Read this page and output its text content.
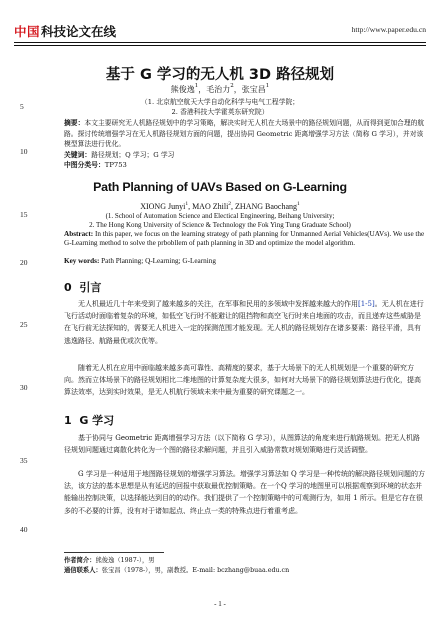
中国 科技论文在线	http://www.paper.edu.cn
基于 G 学习的无人机 3D 路径规划
熊俊逸$^1$，毛治力$^2$，张宝昌$^1$
（1. 北京航空航天大学自动化科学与电气工程学院；
2. 香港科技大学霍英东研究院）
摘要：本文主要研究无人机路径规划中的学习策略，解决实时无人机在大场景中的路径规划问题，从而得到更加合理的航路。探讨传统增强学习在无人机路径规划方面的问题，提出协同 Geometric 距离增强学习方法（简称 G 学习），并对该模型算法进行优化。
关键词：路径规划；Q 学习；G 学习
中图分类号：TP753
Path Planning of UAVs Based on G-Learning
XIONG Junyi$^1$, MAO Zhili$^2$, ZHANG Baochang$^1$
(1. School of Automation Science and Electical Engineering, Beihang University;
2. The Hong Kong University of Science & Technology the Fok Ying Tung Graduate School)
Abstract: In this paper, we focus on the learning strategy of path planning for Unmanned Aerial Vehicles(UAVs). We use the G-Learning method to solve the prbobllem of path planning in 3D and optimize the model algorithm.
Key words: Path Planning; Q-Learning; G-Learning
5
10
15
20
25
30
35
40
0 引言
无人机最近几十年来受到了越来越多的关注，在军事和民用的多领域中发挥越来越大的作用[1-5]。无人机在进行飞行活动时面临着复杂的环境，如低空飞行时不能避让的阻挡物和高空飞行时来自地面的攻击，而且递弃这些威胁是在飞行前无法探知的，需要无人机进入一定的探测范围才能发现。无人机的路径规划存在诸多要素：路径平滑，具有逃逸路径、航路最优或次优等。
随着无人机在应用中面临越来越多高可靠性、高精度的要求，基于大场景下的无人机规划是一个重要的研究方向。然而立体场景下的路径规划相比二维地图的计算复杂度大很多，如何对大场景下的路径规划算法进行优化，提高算法效率，达到实时效果，是无人机航行领域未来中最为重要的研究课题之一。
1 G 学习
基于协同与 Geometric 距离增强学习方法（以下简称 G 学习），从图算法的角度来进行航路规划。把无人机路径规划问题通过离散化转化为一个图的路径求解问题，并且引入威胁常数对规划策略进行灵活调整。
G 学习是一种适用于地图路径规划的增强学习算法。增强学习算法如 Q 学习是一种传统的解决路径规划问题的方法，该方法的基本思想是从有延迟的回报中获取最优控制策略。在一个Q 学习的地图里可以根据观察到环境的状态并能输出控制决策，以选择能达到目的的动作。我们提供了一个控制策略中的可观测行为，如用 1 所示。但是它存在很多的不必要的计算，没有对于诸如起点、终止点一类的特殊点进行着重考虑。
作者简介：熊俊逸（1987-），男
通信联系人：张宝昌（1978-），男，副教授。E-mail: bczhang@buaa.edu.cn
- 1 -
